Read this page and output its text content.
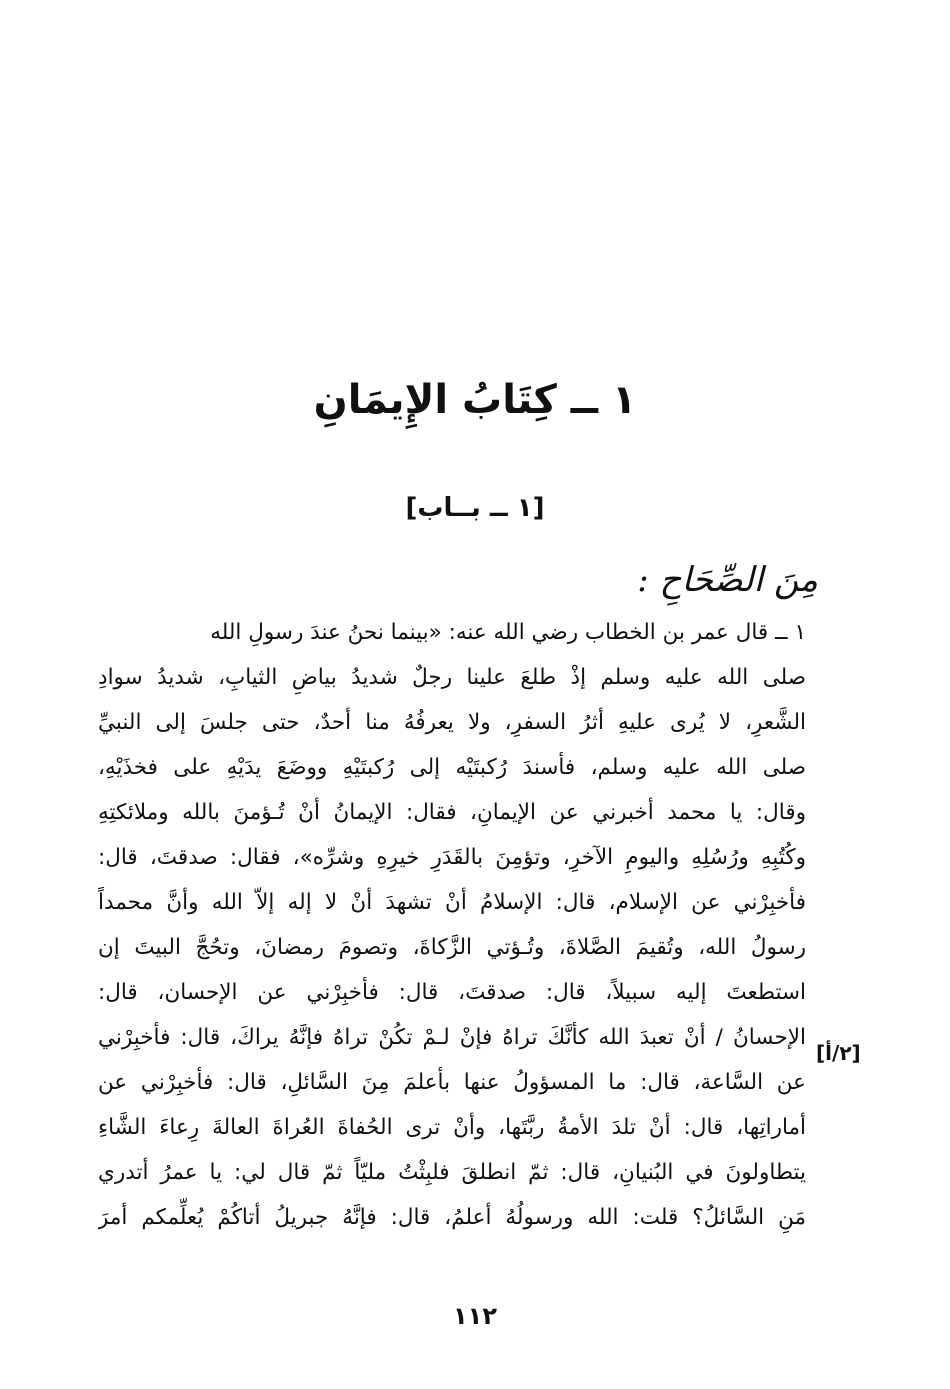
١ ــ كِتَابُ الإِيمَانِ
[١ ــ بــاب]
مِنَ الصِّحَاحِ :
١ ــ قال عمر بن الخطاب رضي الله عنه: «بينما نحنُ عندَ رسولِ الله
صلى الله عليه وسلم إذْ طلعَ علينا رجلٌ شديدُ بياضِ الثيابِ، شديدُ سوادِ
الشَّعرِ، لا يُرى عليهِ أثرُ السفرِ، ولا يعرفُهُ منا أحدٌ، حتى جلسَ إلى النبيِّ
صلى الله عليه وسلم، فأسندَ رُكبتَيْه إلى رُكبتَيْهِ ووضَعَ يدَيْهِ على فخذَيْهِ،
وقال: يا محمد أخبرني عن الإيمانِ، فقال: الإيمانُ أنْ تُـؤمنَ بالله وملائكتِهِ
وكُتُبِهِ ورُسُلِهِ واليومِ الآخرِ، وتؤمِنَ بالقَدَرِ خيرِهِ وشرِّه»، فقال: صدقتَ، قال:
فأخبِرْني عن الإسلام، قال: الإسلامُ أنْ تشهدَ أنْ لا إله إلاّ الله وأنَّ محمداً
رسولُ الله، وتُقيمَ الصَّلاةَ، وتُـؤتي الزَّكاةَ، وتصومَ رمضانَ، وتحُجَّ البيتَ إن
استطعتَ إليه سبيلاً، قال: صدقتَ، قال: فأخبِرْني عن الإحسان، قال:
الإحسانُ / أنْ تعبدَ الله كأنَّكَ تراهُ فإنْ لـمْ تكُنْ تراهُ فإنَّهُ يراكَ، قال: فأخبِرْني
عن السَّاعة، قال: ما المسؤولُ عنها بأعلمَ مِنَ السَّائلِ، قال: فأخبِرْني عن
أماراتِها، قال: أنْ تلدَ الأمةُ ربَّتَها، وأنْ ترى الحُفاةَ العُراةَ العالةَ رِعاءَ الشَّاءِ
يتطاولونَ في البُنيانِ، قال: ثمّ انطلقَ فلبِثْتُ مليّاً ثمّ قال لي: يا عمرُ أتدري
مَنِ السَّائلُ؟ قلت: الله ورسولُهُ أعلمُ، قال: فإنَّهُ جبريلُ أتاكُمْ يُعلِّمكم أمرَ
[٢/أ]
١١٢
